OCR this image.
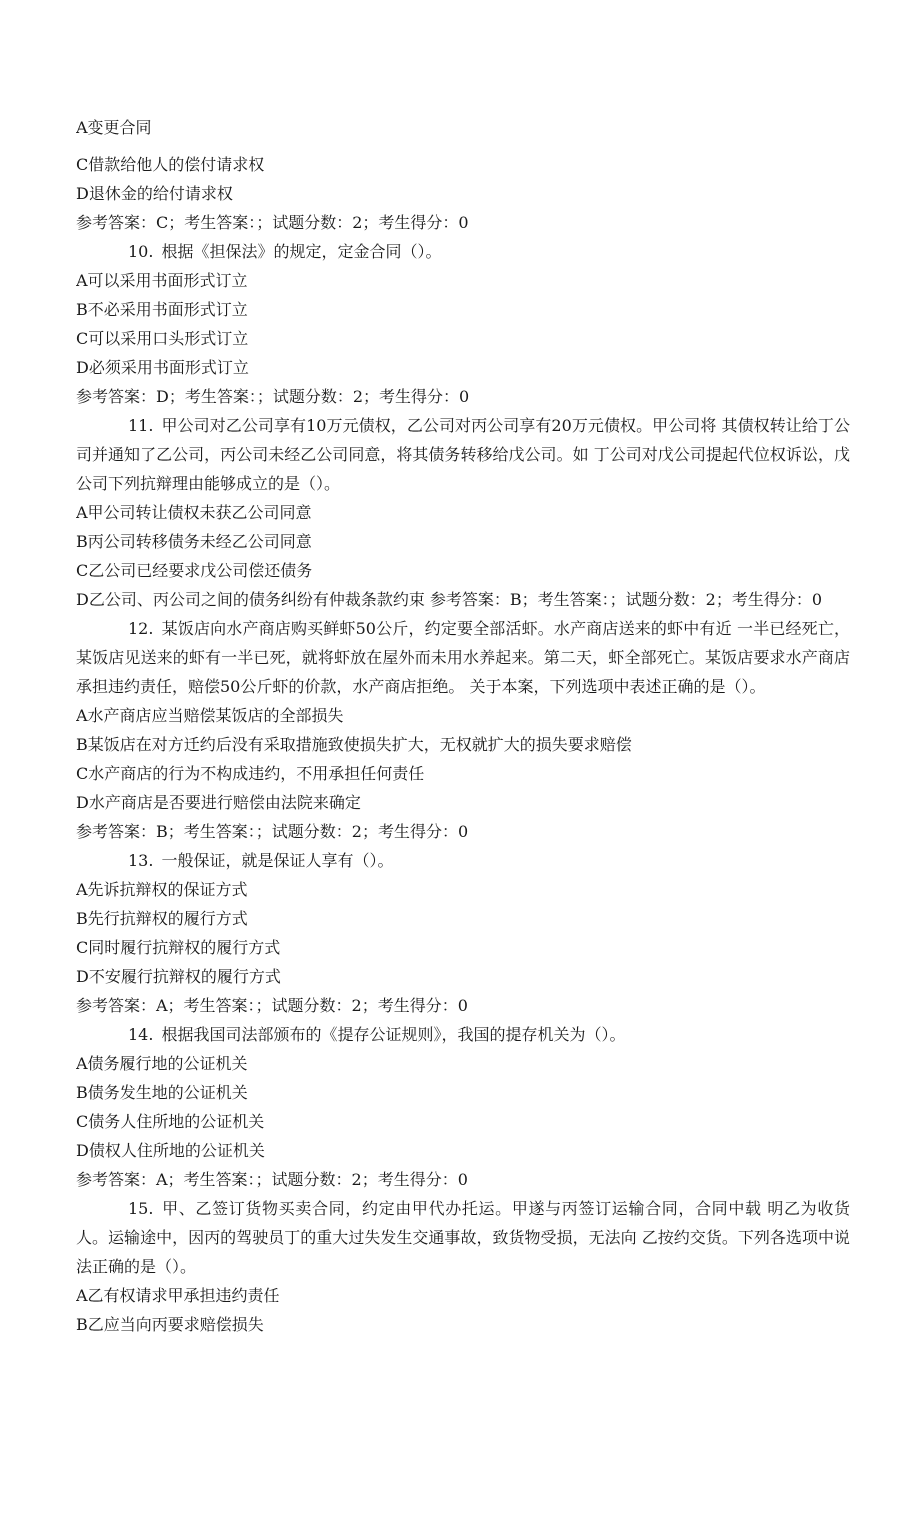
A变更合同
C借款给他人的偿付请求权
D退休金的给付请求权
参考答案：C；考生答案：；试题分数：2；考生得分：0
10. 根据《担保法》的规定，定金合同（）。
A可以采用书面形式订立
B不必采用书面形式订立
C可以采用口头形式订立
D必须采用书面形式订立
参考答案：D；考生答案：；试题分数：2；考生得分：0
11. 甲公司对乙公司享有10万元债权，乙公司对丙公司享有20万元债权。甲公司将 其债权转让给丁公司并通知了乙公司，丙公司未经乙公司同意，将其债务转移给戊公司。如 丁公司对戊公司提起代位权诉讼，戊公司下列抗辩理由能够成立的是（）。
A甲公司转让债权未获乙公司同意
B丙公司转移债务未经乙公司同意
C乙公司已经要求戊公司偿还债务
D乙公司、丙公司之间的债务纠纷有仲裁条款约束 参考答案：B；考生答案：；试题分数：2；考生得分：0
12. 某饭店向水产商店购买鲜虾50公斤，约定要全部活虾。水产商店送来的虾中有近 一半已经死亡，某饭店见送来的虾有一半已死，就将虾放在屋外而未用水养起来。第二天，虾全部死亡。某饭店要求水产商店承担违约责任，赔偿50公斤虾的价款，水产商店拒绝。 关于本案，下列选项中表述正确的是（）。
A水产商店应当赔偿某饭店的全部损失
B某饭店在对方迁约后没有采取措施致使损失扩大，无权就扩大的损失要求赔偿
C水产商店的行为不构成违约，不用承担任何责任
D水产商店是否要进行赔偿由法院来确定
参考答案：B；考生答案：；试题分数：2；考生得分：0
13. 一般保证，就是保证人享有（）。
A先诉抗辩权的保证方式
B先行抗辩权的履行方式
C同时履行抗辩权的履行方式
D不安履行抗辩权的履行方式
参考答案：A；考生答案：；试题分数：2；考生得分：0
14. 根据我国司法部颁布的《提存公证规则》，我国的提存机关为（）。
A债务履行地的公证机关
B债务发生地的公证机关
C债务人住所地的公证机关
D债权人住所地的公证机关
参考答案：A；考生答案：；试题分数：2；考生得分：0
15. 甲、乙签订货物买卖合同，约定由甲代办托运。甲遂与丙签订运输合同，合同中载 明乙为收货人。运输途中，因丙的驾驶员丁的重大过失发生交通事故，致货物受损，无法向 乙按约交货。下列各选项中说法正确的是（）。
A乙有权请求甲承担违约责任
B乙应当向丙要求赔偿损失
